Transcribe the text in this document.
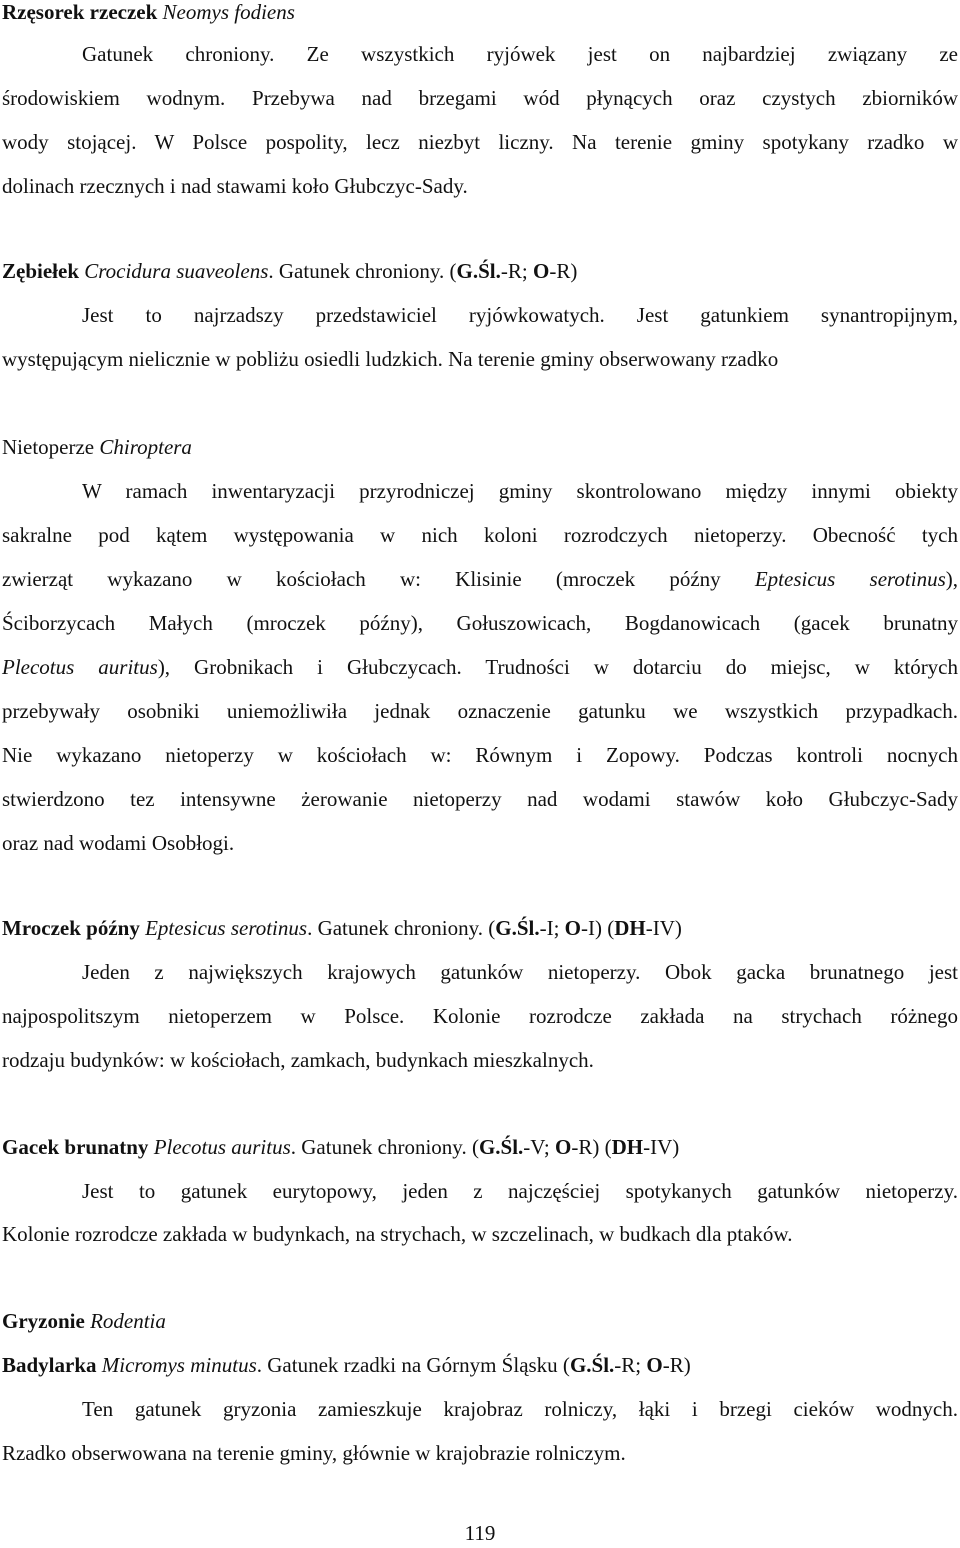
Rzęsorek rzeczek Neomys fodiens
Gatunek chroniony. Ze wszystkich ryjówek jest on najbardziej związany ze
środowiskiem wodnym. Przebywa nad brzegami wód płynących oraz czystych zbiorników
wody stojącej. W Polsce pospolity, lecz niezbyt liczny. Na terenie gminy spotykany rzadko w
dolinach rzecznych i nad stawami koło Głubczyc-Sady.
Zębiełek Crocidura suaveolens. Gatunek chroniony. (G.Śl.-R; O-R)
Jest to najrzadszy przedstawiciel ryjówkowatych. Jest gatunkiem synantropijnym,
występującym nielicznie w pobliżu osiedli ludzkich. Na terenie gminy obserwowany rzadko
Nietoperze Chiroptera
W ramach inwentaryzacji przyrodniczej gminy skontrolowano między innymi obiekty
sakralne pod kątem występowania w nich koloni rozrodczych nietoperzy. Obecność tych
zwierząt wykazano w kościołach w: Klisinie (mroczek późny Eptesicus serotinus),
Ściborzycach Małych (mroczek późny), Gołuszowicach, Bogdanowicach (gacek brunatny
Plecotus auritus), Grobnikach i Głubczycach. Trudności w dotarciu do miejsc, w których
przebywały osobniki uniemożliwiła jednak oznaczenie gatunku we wszystkich przypadkach.
Nie wykazano nietoperzy w kościołach w: Równym i Zopowy. Podczas kontroli nocnych
stwierdzono tez intensywne żerowanie nietoperzy nad wodami stawów koło Głubczyc-Sady
oraz nad wodami Osobłogi.
Mroczek późny Eptesicus serotinus. Gatunek chroniony. (G.Śl.-I; O-I) (DH-IV)
Jeden z największych krajowych gatunków nietoperzy. Obok gacka brunatnego jest
najpospolitszym nietoperzem w Polsce. Kolonie rozrodcze zakłada na strychach różnego
rodzaju budynków: w kościołach, zamkach, budynkach mieszkalnych.
Gacek brunatny Plecotus auritus. Gatunek chroniony. (G.Śl.-V; O-R) (DH-IV)
Jest to gatunek eurytopowy, jeden z najczęściej spotykanych gatunków nietoperzy.
Kolonie rozrodcze zakłada w budynkach, na strychach, w szczelinach, w budkach dla ptaków.
Gryzonie Rodentia
Badylarka Micromys minutus. Gatunek rzadki na Górnym Śląsku (G.Śl.-R; O-R)
Ten gatunek gryzonia zamieszkuje krajobraz rolniczy, łąki i brzegi cieków wodnych.
Rzadko obserwowana na terenie gminy, głównie w krajobrazie rolniczym.
119
